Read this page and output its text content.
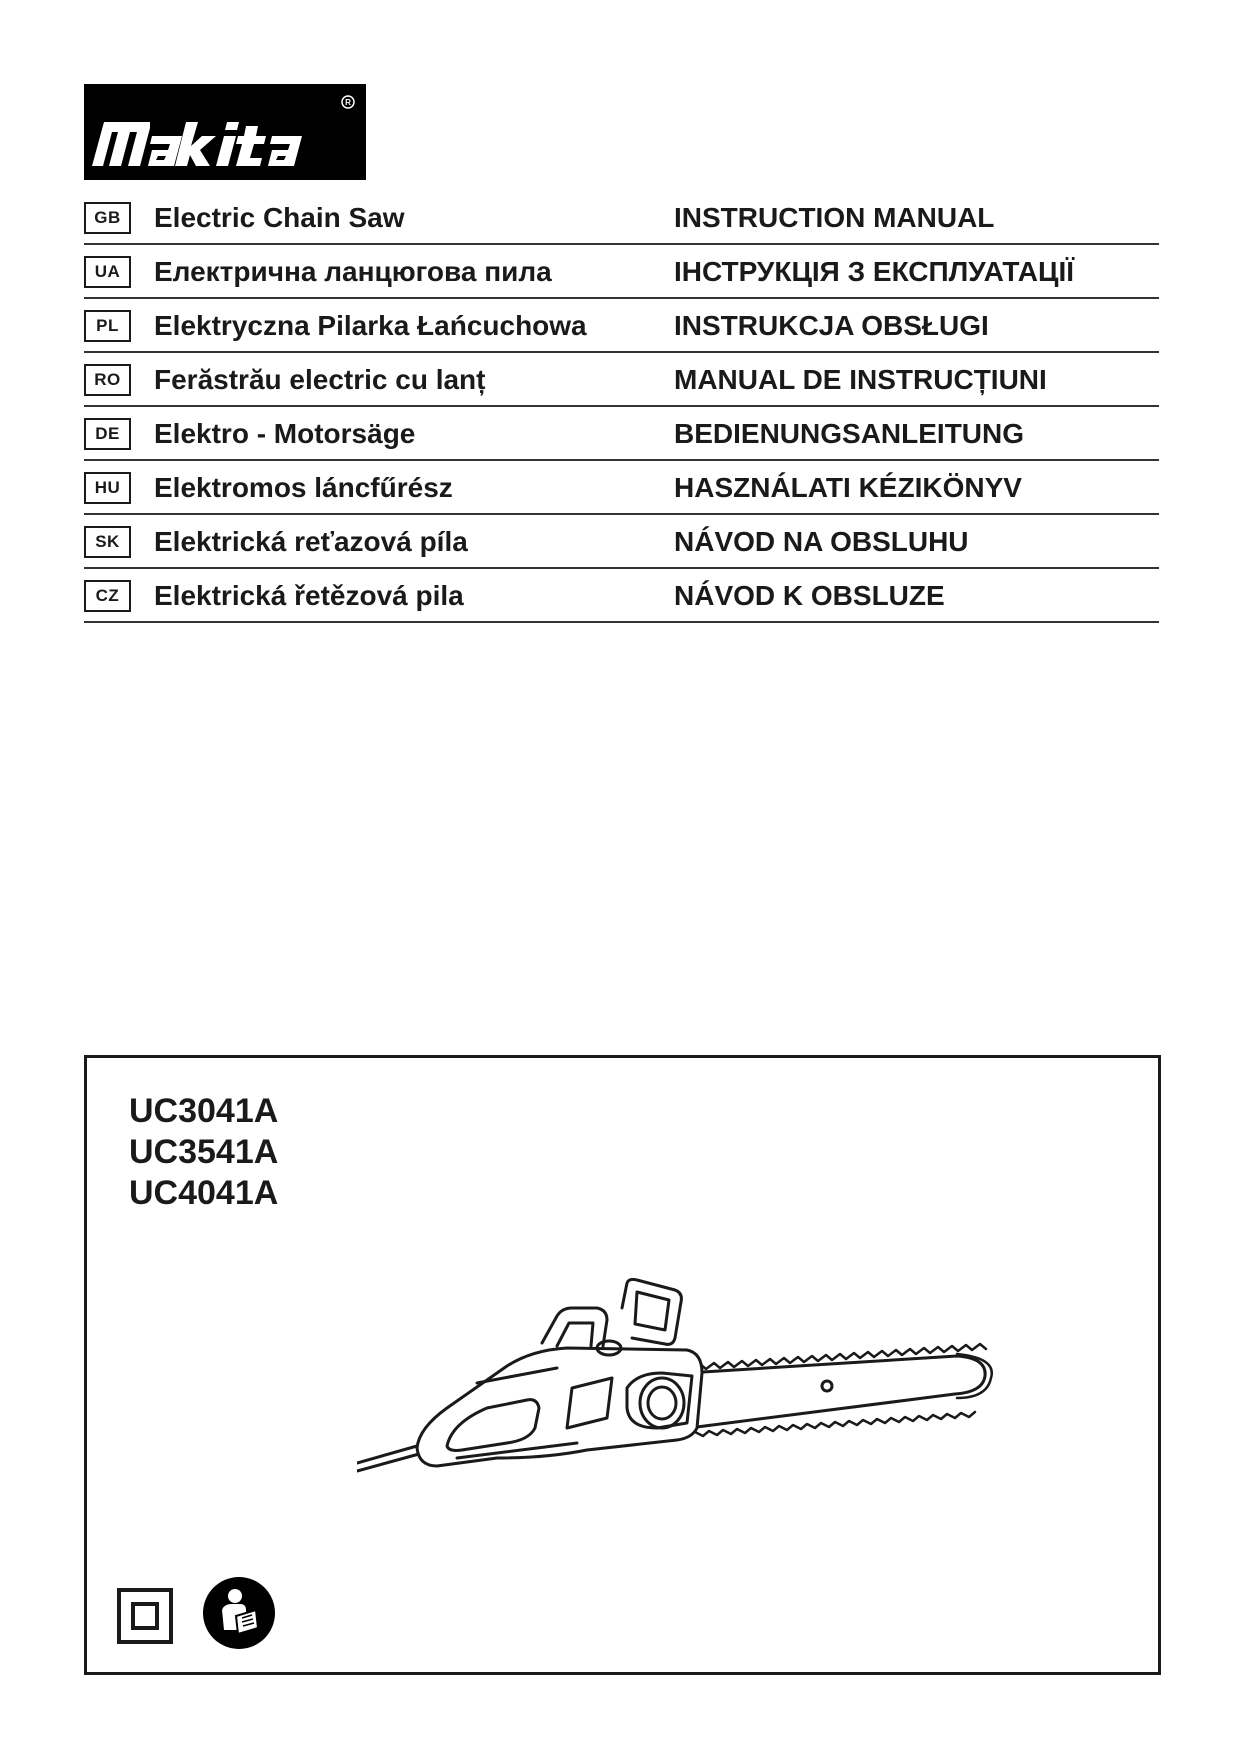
R
GB	Electric Chain Saw	INSTRUCTION MANUAL
UA	Електрична ланцюгова пила	ІНСТРУКЦІЯ З ЕКСПЛУАТАЦІЇ
PL	Elektryczna Pilarka Łańcuchowa	INSTRUKCJA OBSŁUGI
RO	Ferăstrău electric cu lanț	MANUAL DE INSTRUCȚIUNI
DE	Elektro - Motorsäge	BEDIENUNGSANLEITUNG
HU	Elektromos láncfűrész	HASZNÁLATI KÉZIKÖNYV
SK	Elektrická reťazová píla	NÁVOD NA OBSLUHU
CZ	Elektrická řetězová pila	NÁVOD K OBSLUZE
UC3041A
UC3541A
UC4041A
